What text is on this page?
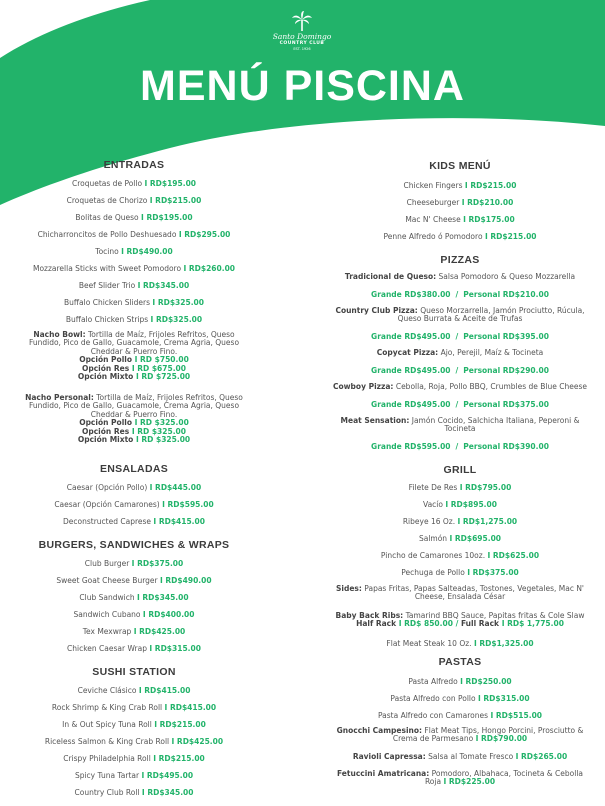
Santo Domingo
COUNTRY CLUB
EST. 1926
MENÚ PISCINA
ENTRADAS
Croquetas de Pollo I RD$195.00
Croquetas de Chorizo I RD$215.00
Bolitas de Queso I RD$195.00
Chicharroncitos de Pollo Deshuesado I RD$295.00
Tocino I RD$490.00
Mozzarella Sticks with Sweet Pomodoro I RD$260.00
Beef Slider Trio I RD$345.00
Buffalo Chicken Sliders I RD$325.00
Buffalo Chicken Strips I RD$325.00
Nacho Bowl: Tortilla de Maíz, Frijoles Refritos, Queso Fundido, Pico de Gallo, Guacamole, Crema Agria, Queso Cheddar & Puerro Fino.
Opción Pollo I RD $750.00
Opción Res I RD $675.00
Opción Mixto I RD $725.00
Nacho Personal: Tortilla de Maíz, Frijoles Refritos, Queso Fundido, Pico de Gallo, Guacamole, Crema Agria, Queso Cheddar & Puerro Fino.
Opción Pollo I RD $325.00
Opción Res I RD $325.00
Opción Mixto I RD $325.00
ENSALADAS
Caesar (Opción Pollo) I RD$445.00
Caesar (Opción Camarones) I RD$595.00
Deconstructed Caprese I RD$415.00
BURGERS, SANDWICHES & WRAPS
Club Burger I RD$375.00
Sweet Goat Cheese Burger I RD$490.00
Club Sandwich I RD$345.00
Sandwich Cubano I RD$400.00
Tex Mexwrap I RD$425.00
Chicken Caesar Wrap I RD$315.00
SUSHI STATION
Ceviche Clásico I RD$415.00
Rock Shrimp & King Crab Roll I RD$415.00
In & Out Spicy Tuna Roll I RD$215.00
Riceless Salmon & King Crab Roll I RD$425.00
Crispy Philadelphia Roll I RD$215.00
Spicy Tuna Tartar I RD$495.00
Country Club Roll I RD$345.00
KIDS MENÚ
Chicken Fingers I RD$215.00
Cheeseburger I RD$210.00
Mac N' Cheese I RD$175.00
Penne Alfredo ó Pomodoro I RD$215.00
PIZZAS
Tradicional de Queso: Salsa Pomodoro & Queso Mozzarella
Grande RD$380.00 / Personal RD$210.00
Country Club Pizza: Queso Morzarrella, Jamón Prociutto, Rúcula, Queso Burrata & Aceite de Trufas
Grande RD$495.00 / Personal RD$395.00
Copycat Pizza: Ajo, Perejil, Maíz & Tocineta
Grande RD$495.00 / Personal RD$290.00
Cowboy Pizza: Cebolla, Roja, Pollo BBQ, Crumbles de Blue Cheese
Grande RD$495.00 / Personal RD$375.00
Meat Sensation: Jamón Cocido, Salchicha Italiana, Peperoni & Tocineta
Grande RD$595.00 / Personal RD$390.00
GRILL
Filete De Res I RD$795.00
Vacío I RD$895.00
Ribeye 16 Oz. I RD$1,275.00
Salmón I RD$695.00
Pincho de Camarones 10oz. I RD$625.00
Pechuga de Pollo I RD$375.00
Sides: Papas Fritas, Papas Salteadas, Tostones, Vegetales, Mac N' Cheese, Ensalada César
Baby Back Ribs: Tamarind BBQ Sauce, Papitas fritas & Cole Slaw
Half Rack I RD$ 850.00 / Full Rack I RD$ 1,775.00
Flat Meat Steak 10 Oz. I RD$1,325.00
PASTAS
Pasta Alfredo I RD$250.00
Pasta Alfredo con Pollo I RD$315.00
Pasta Alfredo con Camarones I RD$515.00
Gnocchi Campesino: Flat Meat Tips, Hongo Porcini, Prosciutto & Crema de Parmesano I RD$790.00
Ravioli Capressa: Salsa al Tomate Fresco I RD$265.00
Fetuccini Amatricana: Pomodoro, Albahaca, Tocineta & Cebolla Roja I RD$225.00
